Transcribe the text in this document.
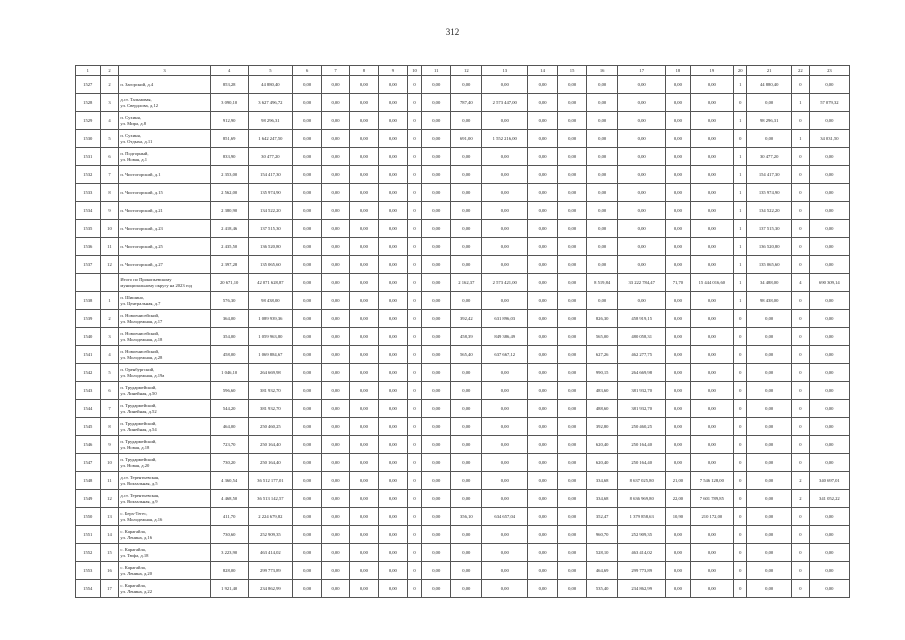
312
1	2	3	4	5	6	7	8	9	10	11	12	13	14	15	16	17	18	19	20	21	22	23
1527	2	п. Загорский, д.4	853,28	44 880,40	0,00	0,00	0,00	0,00	0	0,00	0,00	0,00	0,00	0,00	0,00	0,00	0,00	0,00	1	44 880,40	0	0,00
1528	3	д.ст. Тальмовая,
ул. Свердлова, д.12	3 090,10	3 627 496,72	0,00	0,00	0,00	0,00	0	0,00	787,40	2 573 447,00	0,00	0,00	0,00	0,00	0,00	0,00	0	0,00	1	57 079,32
1529	4	п. Сухиня,
ул. Мира, д.8	912,90	98 296,31	0,00	0,00	0,00	0,00	0	0,00	0,00	0,00	0,00	0,00	0,00	0,00	0,00	0,00	1	98 296,31	0	0,00
1530	5	п. Сухиня,
ул. Отдыха, д.11	851,69	1 642 247,50	0,00	0,00	0,00	0,00	0	0,00	691,00	1 552 216,00	0,00	0,00	0,00	0,00	0,00	0,00	0	0,00	1	34 031,50
1531	6	п. Подгорный,
ул. Новая, д.1	833,90	30 477,20	0,00	0,00	0,00	0,00	0	0,00	0,00	0,00	0,00	0,00	0,00	0,00	0,00	0,00	1	30 477,20	0	0,00
1532	7	п. Чистогорский, д.1	2 353,00	154 417,30	0,00	0,00	0,00	0,00	0	0,00	0,00	0,00	0,00	0,00	0,00	0,00	0,00	0,00	1	154 417,30	0	0,00
1533	8	п. Чистогорский, д.15	2 562,00	135 974,90	0,00	0,00	0,00	0,00	0	0,00	0,00	0,00	0,00	0,00	0,00	0,00	0,00	0,00	1	135 974,90	0	0,00
1534	9	п. Чистогорский, д.21	2 380,90	134 522,20	0,00	0,00	0,00	0,00	0	0,00	0,00	0,00	0,00	0,00	0,00	0,00	0,00	0,00	1	134 522,20	0	0,00
1535	10	п. Чистогорский, д.23	2 418,46	137 515,30	0,00	0,00	0,00	0,00	0	0,00	0,00	0,00	0,00	0,00	0,00	0,00	0,00	0,00	1	137 515,30	0	0,00
1536	11	п. Чистогорский, д.25	2 435,50	136 520,80	0,00	0,00	0,00	0,00	0	0,00	0,00	0,00	0,00	0,00	0,00	0,00	0,00	0,00	1	136 520,80	0	0,00
1537	12	п. Чистогорский, д.27	2 397,28	135 065,60	0,00	0,00	0,00	0,00	0	0,00	0,00	0,00	0,00	0,00	0,00	0,00	0,00	0,00	1	135 065,60	0	0,00
		Итого по Прокопьевскому
муниципальному округу на 2023 год	20 671,10	42 071 628,87	0,00	0,00	0,00	0,00	0	0,00	2 162,37	2 573 421,00	0,00	0,00	8 519,84	33 222 784,47	71,70	15 444 016,60	1	34 488,00	4	690 309,14
1538	1	п. Шишино,
ул. Центральная, д.7	576,30	98 438,00	0,00	0,00	0,00	0,00	0	0,00	0,00	0,00	0,00	0,00	0,00	0,00	0,00	0,00	1	98 438,00	0	0,00
1539	2	п. Новоенисейский,
ул. Молодежная, д.17	364,00	1 089 939,36	0,00	0,00	0,00	0,00	0	0,00	392,42	631 896,03	0,00	0,00	826,30	458 919,15	0,00	0,00	0	0,00	0	0,00
1540	3	п. Новоенисейский,
ул. Молодежная, д.18	354,00	1 059 963,80	0,00	0,00	0,00	0,00	0	0,00	458,39	849 386,49	0,00	0,00	565,00	480 058,31	0,00	0,00	0	0,00	0	0,00
1541	4	п. Новоенисейский,
ул. Молодежная, д.28	458,00	1 069 884,67	0,00	0,00	0,00	0,00	0	0,00	565,40	637 667,12	0,00	0,00	627,26	462 277,75	0,00	0,00	0	0,00	0	0,00
1542	5	п. Оренбургский,
ул. Молодежная, д.19а	1 046,10	264 669,98	0,00	0,00	0,00	0,00	0	0,00	0,00	0,00	0,00	0,00	990,15	264 669,98	0,00	0,00	0	0,00	0	0,00
1543	6	п. Трудармейский,
ул. Линейная, д.50	596,60	381 932,70	0,00	0,00	0,00	0,00	0	0,00	0,00	0,00	0,00	0,00	483,60	381 932,70	0,00	0,00	0	0,00	0	0,00
1544	7	п. Трудармейский,
ул. Линейная, д.52	544,20	381 932,70	0,00	0,00	0,00	0,00	0	0,00	0,00	0,00	0,00	0,00	488,60	381 932,70	0,00	0,00	0	0,00	0	0,00
1545	8	п. Трудармейский,
ул. Линейная, д.54	464,00	250 460,25	0,00	0,00	0,00	0,00	0	0,00	0,00	0,00	0,00	0,00	392,80	250 460,25	0,00	0,00	0	0,00	0	0,00
1546	9	п. Трудармейский,
ул. Новая, д.18	723,70	250 164,40	0,00	0,00	0,00	0,00	0	0,00	0,00	0,00	0,00	0,00	620,40	250 164,40	0,00	0,00	0	0,00	0	0,00
1547	10	п. Трудармейский,
ул. Новая, д.20	730,20	250 164,40	0,00	0,00	0,00	0,00	0	0,00	0,00	0,00	0,00	0,00	620,40	250 164,40	0,00	0,00	0	0,00	0	0,00
1548	11	д.ст. Терентьевская,
ул. Вокзальная, д.5	4 360,54	36 512 177,01	0,00	0,00	0,00	0,00	0	0,00	0,00	0,00	0,00	0,00	334,68	8 637 025,80	21,00	7 546 128,00	0	0,00	2	340 697,01
1549	12	д.ст. Терентьевская,
ул. Вокзальная, д.9	4 468,50	36 513 142,57	0,00	0,00	0,00	0,00	0	0,00	0,00	0,00	0,00	0,00	334,68	8 636 969,80	22,00	7 601 789,85	0	0,00	2	341 052,22
1550	13	с. Берх-Тегес,
ул. Молодежная, д.16	411,70	2 224 679,82	0,00	0,00	0,00	0,00	0	0,00	356,10	634 657,04	0,00	0,00	352,47	1 379 858,63	10,90	210 172,00	0	0,00	0	0,00
1551	14	с. Карагайла,
ул. Ленина, д.16	730,60	252 909,35	0,00	0,00	0,00	0,00	0	0,00	0,00	0,00	0,00	0,00	960,70	252 909,35	0,00	0,00	0	0,00	0	0,00
1552	15	с. Карагайла,
ул. Тюфа, д.18	3 223,90	463 414,02	0,00	0,00	0,00	0,00	0	0,00	0,00	0,00	0,00	0,00	528,10	463 414,02	0,00	0,00	0	0,00	0	0,00
1553	16	с. Карагайла,
ул. Ленина, д.20	828,00	299 773,89	0,00	0,00	0,00	0,00	0	0,00	0,00	0,00	0,00	0,00	464,69	299 773,89	0,00	0,00	0	0,00	0	0,00
1554	17	с. Карагайла,
ул. Ленина, д.22	1 921,40	234 862,99	0,00	0,00	0,00	0,00	0	0,00	0,00	0,00	0,00	0,00	535,40	234 862,99	0,00	0,00	0	0,00	0	0,00
